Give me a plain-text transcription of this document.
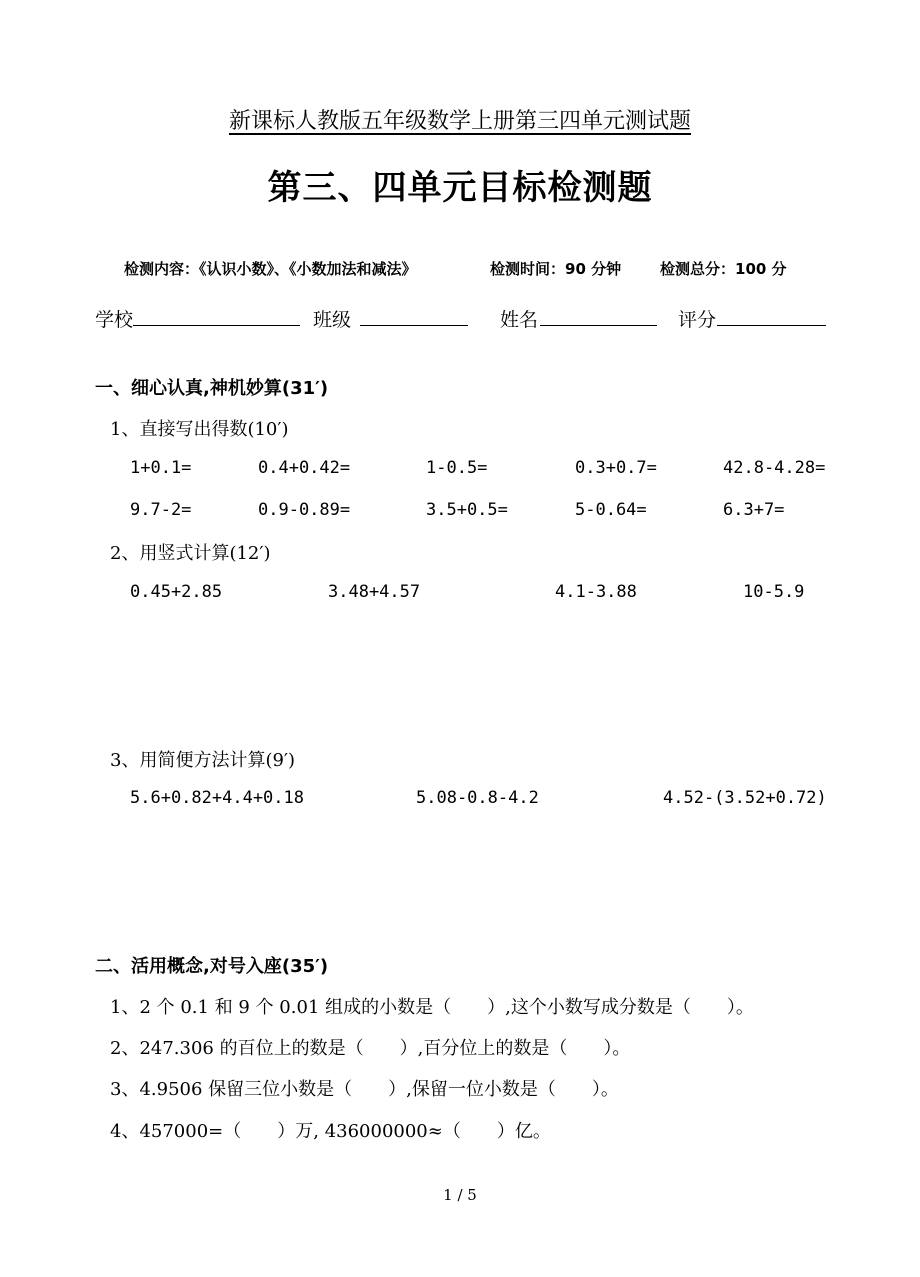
新课标人教版五年级数学上册第三四单元测试题
第三、四单元目标检测题
检测内容：《认识小数》、《小数加法和减法》	检测时间：90 分钟	检测总分：100 分
学校	班级	姓名	评分
一、细心认真,神机妙算(31′)
1、直接写出得数(10′)
1+0.1=	0.4+0.42=	1-0.5=	0.3+0.7=	42.8-4.28=
9.7-2=	0.9-0.89=	3.5+0.5=	5-0.64=	6.3+7=
2、用竖式计算(12′)
0.45+2.85	3.48+4.57	4.1-3.88	10-5.9
3、用简便方法计算(9′)
5.6+0.82+4.4+0.18	5.08-0.8-4.2	4.52-(3.52+0.72)
二、活用概念,对号入座(35′)
1、2 个 0.1 和 9 个 0.01 组成的小数是（　　）,这个小数写成分数是（　　）。
2、247.306 的百位上的数是（　　）,百分位上的数是（　　）。
3、4.9506 保留三位小数是（　　）,保留一位小数是（　　）。
4、457000=（　　）万, 436000000≈（　　）亿。
1 / 5
